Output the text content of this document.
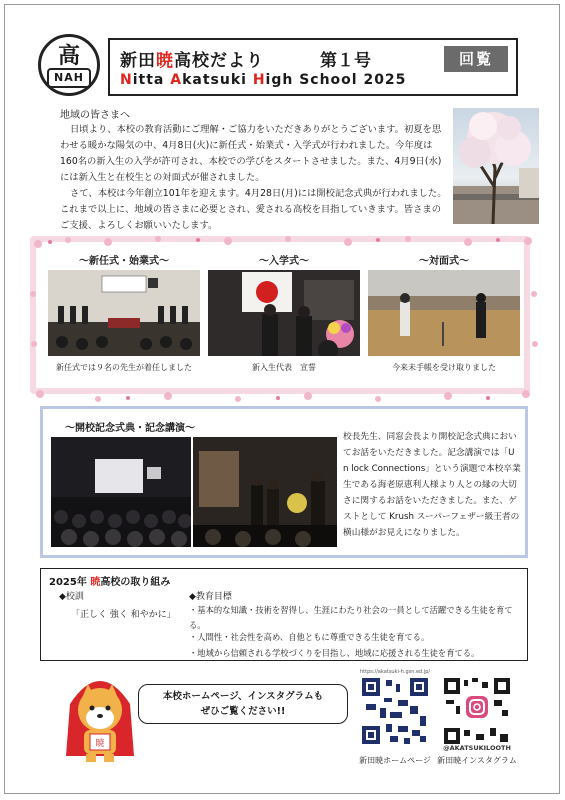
高
NAH
新田暁高校だより	第１号
Nitta Akatsuki High School 2025
回覧
地域の皆さまへ

日頃より、本校の教育活動にご理解・ご協力をいただきありがとうございます。初夏を思わせる暖かな陽気の中、4月8日(火)に新任式・始業式・入学式が行われました。今年度は160名の新入生の入学が許可され、本校での学びをスタートさせました。また、4月9日(水)には新入生と在校生との対面式が催されました。

さて、本校は今年創立101年を迎えます。4月28日(月)には開校記念式典が行われました。これまで以上に、地域の皆さまに必要とされ、愛される高校を目指していきます。皆さまのご支援、よろしくお願いいたします。

～新任式・始業式～
新任式では９名の先生が着任しました
～入学式～
新入生代表　宣誓
～対面式～
今来未手帳を受け取りました
～開校記念式典・記念講演～
校長先生、同窓会長より開校記念式典においてお話をいただきました。記念講演では「U n lock Connections」という演題で本校卒業生である海老原恵利人様より人との縁の大切さに関するお話をいただきました。また、ゲストとして Krush スーパーフェザー級王者の横山様がお見えになりました。
2025年 暁高校の取り組み
◆校訓
「正しく 強く 和やかに」
◆教育目標
・基本的な知識・技術を習得し、生涯にわたり社会の一員として活躍できる生徒を育てる。
・人間性・社会性を高め、自他ともに尊重できる生徒を育てる。
・地域から信頼される学校づくりを目指し、地域に応援される生徒を育てる。
暁
本校ホームページ、インスタグラムも
ぜひご覧ください!!
https://akatsuki-h.gsn.ed.jp/
新田暁ホームページ
@AKATSUKILOOTH
新田暁インスタグラム
